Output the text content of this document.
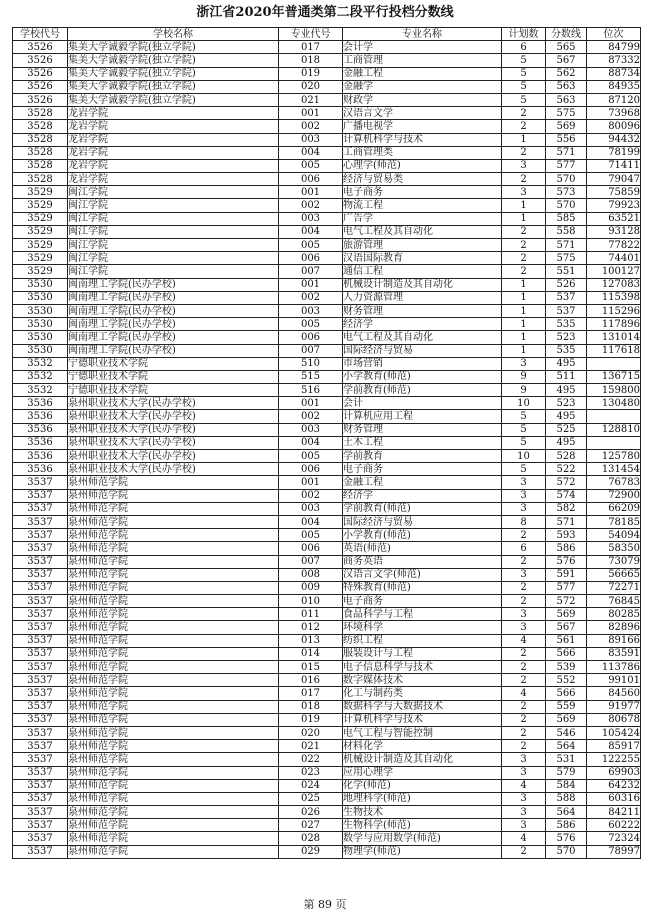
浙江省2020年普通类第二段平行投档分数线
学校代号	学校名称	专业代号	专业名称	计划数	分数线	位次
3526	集美大学诚毅学院(独立学院)	017	会计学	6	565	84799
3526	集美大学诚毅学院(独立学院)	018	工商管理	5	567	87332
3526	集美大学诚毅学院(独立学院)	019	金融工程	5	562	88734
3526	集美大学诚毅学院(独立学院)	020	金融学	5	563	84935
3526	集美大学诚毅学院(独立学院)	021	财政学	5	563	87120
3528	龙岩学院	001	汉语言文学	2	575	73968
3528	龙岩学院	002	广播电视学	2	569	80096
3528	龙岩学院	003	计算机科学与技术	1	556	94432
3528	龙岩学院	004	工商管理类	2	571	78199
3528	龙岩学院	005	心理学(师范)	3	577	71411
3528	龙岩学院	006	经济与贸易类	2	570	79047
3529	闽江学院	001	电子商务	3	573	75859
3529	闽江学院	002	物流工程	1	570	79923
3529	闽江学院	003	广告学	1	585	63521
3529	闽江学院	004	电气工程及其自动化	2	558	93128
3529	闽江学院	005	旅游管理	2	571	77822
3529	闽江学院	006	汉语国际教育	2	575	74401
3529	闽江学院	007	通信工程	2	551	100127
3530	闽南理工学院(民办学校)	001	机械设计制造及其自动化	1	526	127083
3530	闽南理工学院(民办学校)	002	人力资源管理	1	537	115398
3530	闽南理工学院(民办学校)	003	财务管理	1	537	115296
3530	闽南理工学院(民办学校)	005	经济学	1	535	117896
3530	闽南理工学院(民办学校)	006	电气工程及其自动化	1	523	131014
3530	闽南理工学院(民办学校)	007	国际经济与贸易	1	535	117618
3532	宁德职业技术学院	510	市场营销	3	495	
3532	宁德职业技术学院	515	小学教育(师范)	9	511	136715
3532	宁德职业技术学院	516	学前教育(师范)	9	495	159800
3536	泉州职业技术大学(民办学校)	001	会计	10	523	130480
3536	泉州职业技术大学(民办学校)	002	计算机应用工程	5	495	
3536	泉州职业技术大学(民办学校)	003	财务管理	5	525	128810
3536	泉州职业技术大学(民办学校)	004	土木工程	5	495	
3536	泉州职业技术大学(民办学校)	005	学前教育	10	528	125780
3536	泉州职业技术大学(民办学校)	006	电子商务	5	522	131454
3537	泉州师范学院	001	金融工程	3	572	76783
3537	泉州师范学院	002	经济学	3	574	72900
3537	泉州师范学院	003	学前教育(师范)	3	582	66209
3537	泉州师范学院	004	国际经济与贸易	8	571	78185
3537	泉州师范学院	005	小学教育(师范)	2	593	54094
3537	泉州师范学院	006	英语(师范)	6	586	58350
3537	泉州师范学院	007	商务英语	2	576	73079
3537	泉州师范学院	008	汉语言文学(师范)	3	591	56665
3537	泉州师范学院	009	特殊教育(师范)	2	577	72271
3537	泉州师范学院	010	电子商务	2	572	76845
3537	泉州师范学院	011	食品科学与工程	3	569	80285
3537	泉州师范学院	012	环境科学	3	567	82896
3537	泉州师范学院	013	纺织工程	4	561	89166
3537	泉州师范学院	014	服装设计与工程	2	566	83591
3537	泉州师范学院	015	电子信息科学与技术	2	539	113786
3537	泉州师范学院	016	数字媒体技术	2	552	99101
3537	泉州师范学院	017	化工与制药类	4	566	84560
3537	泉州师范学院	018	数据科学与大数据技术	2	559	91977
3537	泉州师范学院	019	计算机科学与技术	2	569	80678
3537	泉州师范学院	020	电气工程与智能控制	2	546	105424
3537	泉州师范学院	021	材料化学	2	564	85917
3537	泉州师范学院	022	机械设计制造及其自动化	3	531	122255
3537	泉州师范学院	023	应用心理学	3	579	69903
3537	泉州师范学院	024	化学(师范)	4	584	64232
3537	泉州师范学院	025	地理科学(师范)	3	588	60316
3537	泉州师范学院	026	生物技术	3	564	84211
3537	泉州师范学院	027	生物科学(师范)	3	586	60222
3537	泉州师范学院	028	数学与应用数学(师范)	4	576	72324
3537	泉州师范学院	029	物理学(师范)	2	570	78997
第 89 页
